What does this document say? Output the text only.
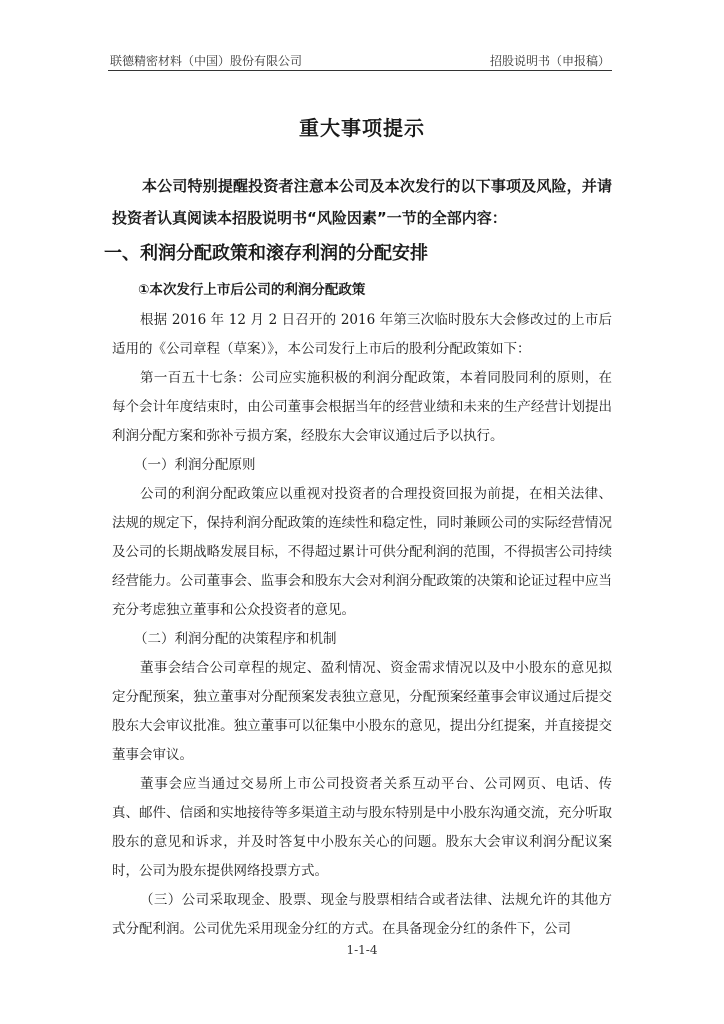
联德精密材料（中国）股份有限公司	招股说明书（申报稿）
重大事项提示

本公司特别提醒投资者注意本公司及本次发行的以下事项及风险，并请投资者认真阅读本招股说明书“风险因素”一节的全部内容：

一、利润分配政策和滚存利润的分配安排

①本次发行上市后公司的利润分配政策

根据 2016 年 12 月 2 日召开的 2016 年第三次临时股东大会修改过的上市后适用的《公司章程（草案）》，本公司发行上市后的股利分配政策如下：

第一百五十七条：公司应实施积极的利润分配政策，本着同股同利的原则，在每个会计年度结束时，由公司董事会根据当年的经营业绩和未来的生产经营计划提出利润分配方案和弥补亏损方案，经股东大会审议通过后予以执行。

（一）利润分配原则

公司的利润分配政策应以重视对投资者的合理投资回报为前提，在相关法律、法规的规定下，保持利润分配政策的连续性和稳定性，同时兼顾公司的实际经营情况及公司的长期战略发展目标，不得超过累计可供分配利润的范围，不得损害公司持续经营能力。公司董事会、监事会和股东大会对利润分配政策的决策和论证过程中应当充分考虑独立董事和公众投资者的意见。

（二）利润分配的决策程序和机制

董事会结合公司章程的规定、盈利情况、资金需求情况以及中小股东的意见拟定分配预案，独立董事对分配预案发表独立意见，分配预案经董事会审议通过后提交股东大会审议批准。独立董事可以征集中小股东的意见，提出分红提案，并直接提交董事会审议。

董事会应当通过交易所上市公司投资者关系互动平台、公司网页、电话、传真、邮件、信函和实地接待等多渠道主动与股东特别是中小股东沟通交流，充分听取股东的意见和诉求，并及时答复中小股东关心的问题。股东大会审议利润分配议案时，公司为股东提供网络投票方式。

（三）公司采取现金、股票、现金与股票相结合或者法律、法规允许的其他方式分配利润。公司优先采用现金分红的方式。在具备现金分红的条件下，公司

1-1-4
